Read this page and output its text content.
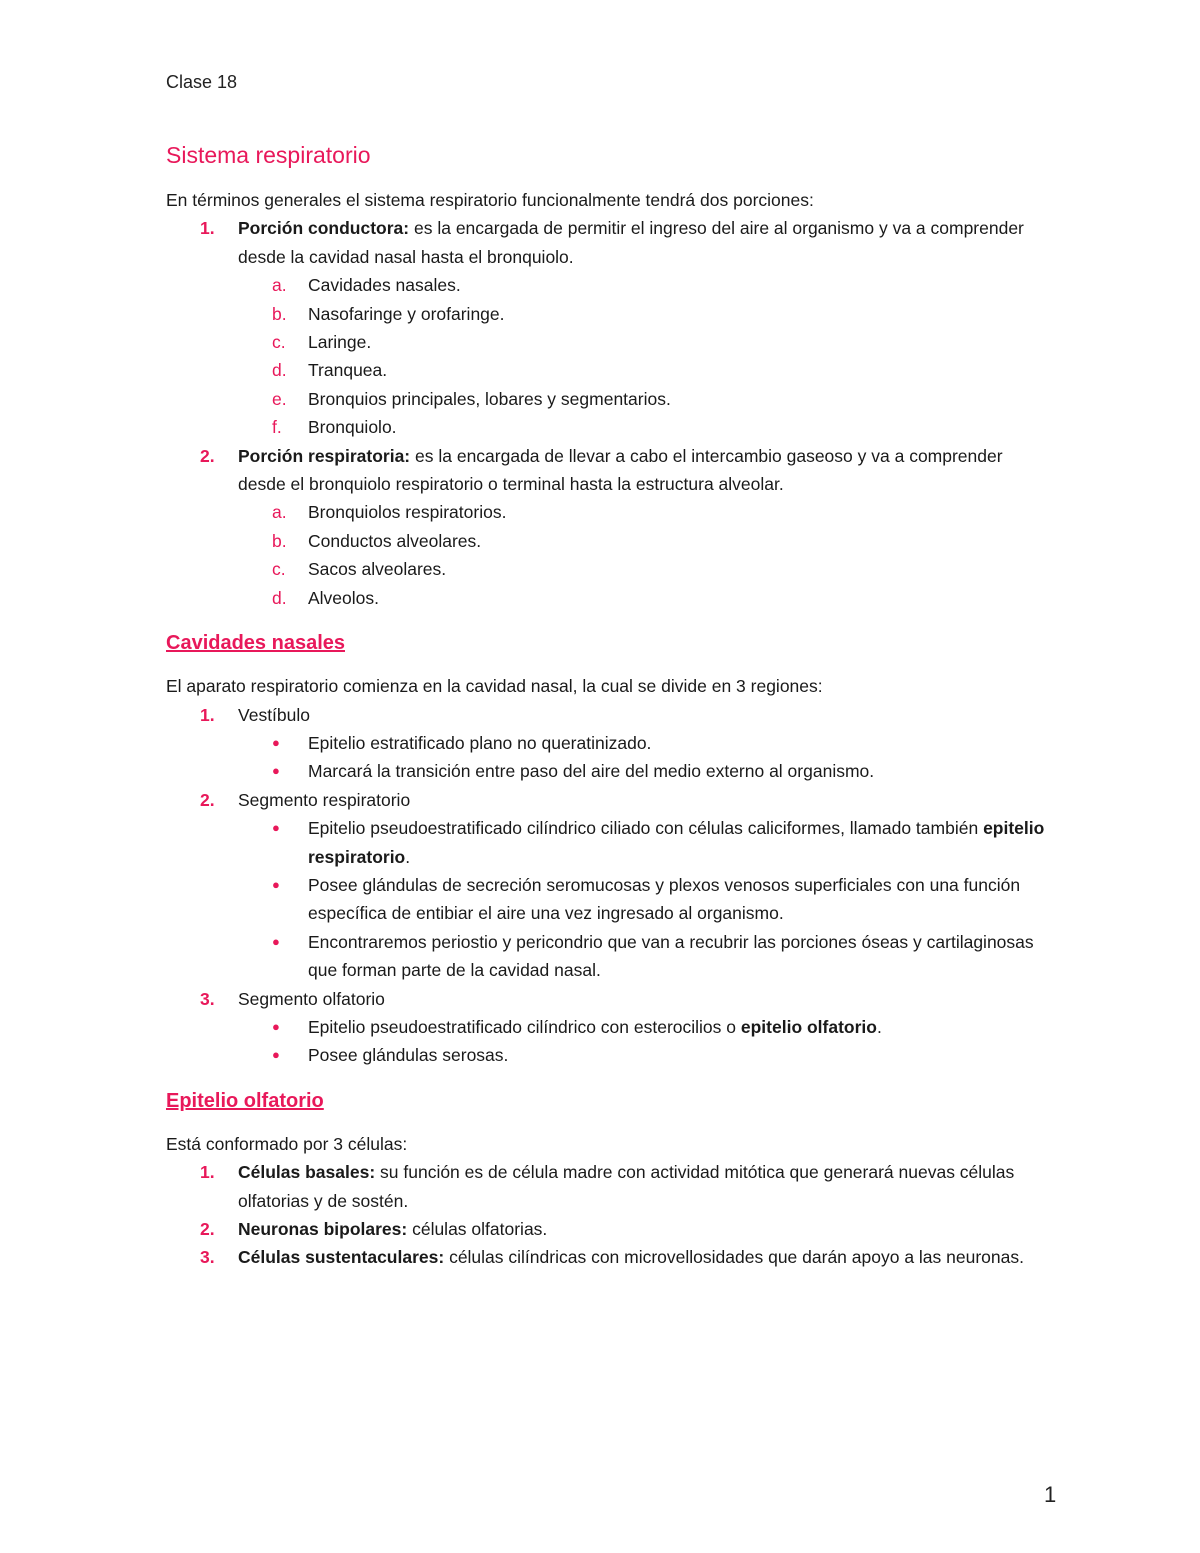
Clase 18
Sistema respiratorio

En términos generales el sistema respiratorio funcionalmente tendrá dos porciones:

1. Porción conductora: es la encargada de permitir el ingreso del aire al organismo y va a comprender desde la cavidad nasal hasta el bronquiolo.
a. Cavidades nasales.
b. Nasofaringe y orofaringe.
c. Laringe.
d. Tranquea.
e. Bronquios principales, lobares y segmentarios.
f. Bronquiolo.
2. Porción respiratoria: es la encargada de llevar a cabo el intercambio gaseoso y va a comprender desde el bronquiolo respiratorio o terminal hasta la estructura alveolar.
a. Bronquiolos respiratorios.
b. Conductos alveolares.
c. Sacos alveolares.
d. Alveolos.
Cavidades nasales

El aparato respiratorio comienza en la cavidad nasal, la cual se divide en 3 regiones:

1. Vestíbulo
● Epitelio estratificado plano no queratinizado.
● Marcará la transición entre paso del aire del medio externo al organismo.
2. Segmento respiratorio
● Epitelio pseudoestratificado cilíndrico ciliado con células caliciformes, llamado también epitelio respiratorio.
● Posee glándulas de secreción seromucosas y plexos venosos superficiales con una función específica de entibiar el aire una vez ingresado al organismo.
● Encontraremos periostio y pericondrio que van a recubrir las porciones óseas y cartilaginosas que forman parte de la cavidad nasal.
3. Segmento olfatorio
● Epitelio pseudoestratificado cilíndrico con esterocilios o epitelio olfatorio.
● Posee glándulas serosas.
Epitelio olfatorio

Está conformado por 3 células:

1. Células basales: su función es de célula madre con actividad mitótica que generará nuevas células olfatorias y de sostén.
2. Neuronas bipolares: células olfatorias.
3. Células sustentaculares: células cilíndricas con microvellosidades que darán apoyo a las neuronas.
1
